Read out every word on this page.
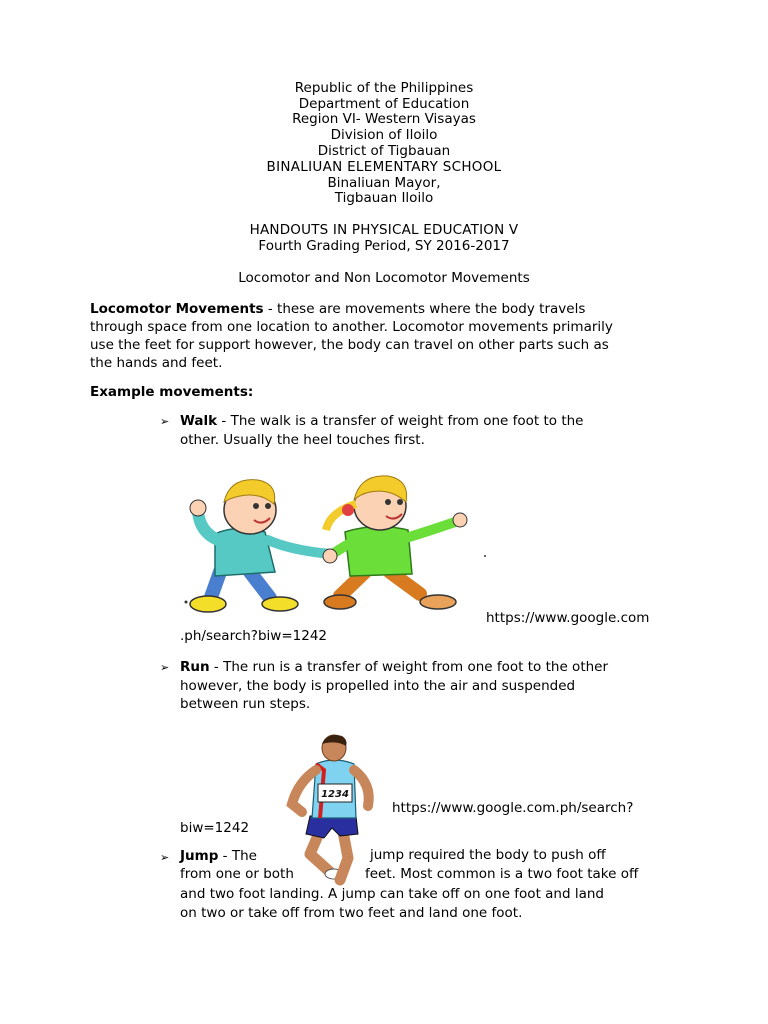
Republic of the Philippines
Department of Education
Region VI- Western Visayas
Division of Iloilo
District of Tigbauan
BINALIUAN ELEMENTARY SCHOOL
Binaliuan Mayor,
Tigbauan Iloilo
HANDOUTS IN PHYSICAL EDUCATION V
Fourth Grading Period, SY 2016-2017
Locomotor and Non Locomotor Movements
Locomotor Movements - these are movements where the body travels
through space from one location to another. Locomotor movements primarily
use the feet for support however, the body can travel on other parts such as
the hands and feet.
Example movements:
➢ Walk - The walk is a transfer of weight from one foot to the
other. Usually the heel touches first.
https://www.google.com
.ph/search?biw=1242
➢ Run - The run is a transfer of weight from one foot to the other
however, the body is propelled into the air and suspended
between run steps.
1234
https://www.google.com.ph/search?
biw=1242
➢ Jump - The	jump required the body to push off
from one or both	feet. Most common is a two foot take off
and two foot landing. A jump can take off on one foot and land
on two or take off from two feet and land one foot.
